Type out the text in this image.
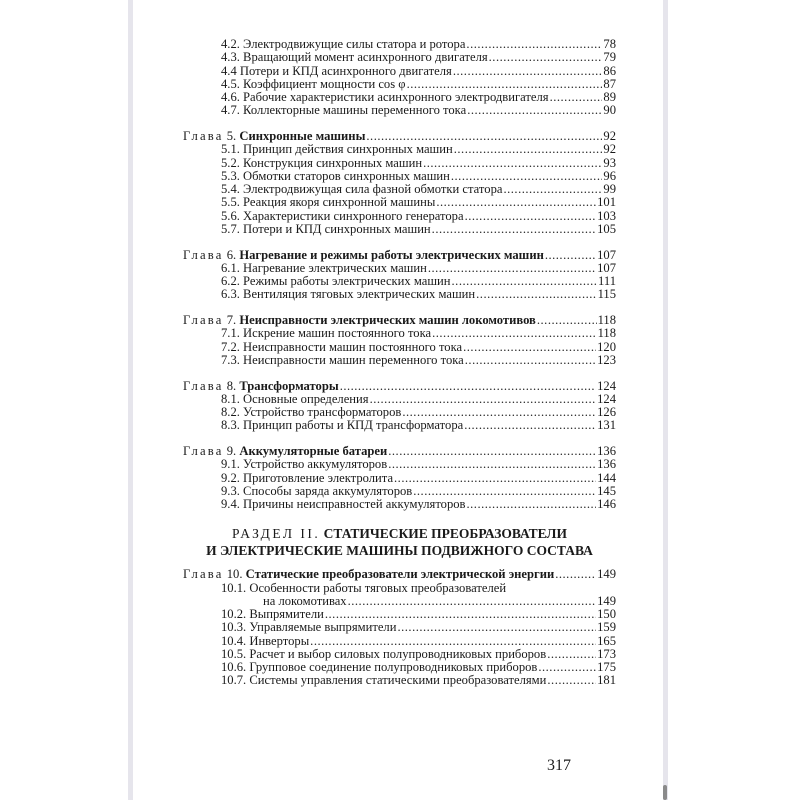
4.2. Электродвижущие силы статора и ротора .....	78
4.3. Вращающий момент асинхронного двигателя .....	79
4.4 Потери и КПД асинхронного двигателя .....	86
4.5. Коэффициент мощности cos φ .....	87
4.6. Рабочие характеристики асинхронного электродвигателя .....	89
4.7. Коллекторные машины переменного тока .....	90
Глава 5. Синхронные машины .....	92
5.1. Принцип действия синхронных машин .....	92
5.2. Конструкция синхронных машин .....	93
5.3. Обмотки статоров синхронных машин .....	96
5.4. Электродвижущая сила фазной обмотки статора .....	99
5.5. Реакция якоря синхронной машины .....	101
5.6. Характеристики синхронного генератора .....	103
5.7. Потери и КПД синхронных машин .....	105
Глава 6. Нагревание и режимы работы электрических машин .....	107
6.1. Нагревание электрических машин .....	107
6.2. Режимы работы электрических машин .....	111
6.3. Вентиляция тяговых электрических машин .....	115
Глава 7. Неисправности электрических машин локомотивов .....	118
7.1. Искрение машин постоянного тока .....	118
7.2. Неисправности машин постоянного тока .....	120
7.3. Неисправности машин переменного тока .....	123
Глава 8. Трансформаторы .....	124
8.1. Основные определения .....	124
8.2. Устройство трансформаторов .....	126
8.3. Принцип работы и КПД трансформатора .....	131
Глава 9. Аккумуляторные батареи .....	136
9.1. Устройство аккумуляторов .....	136
9.2. Приготовление электролита .....	144
9.3. Способы заряда аккумуляторов .....	145
9.4. Причины неисправностей аккумуляторов .....	146
РАЗДЕЛ II. СТАТИЧЕСКИЕ ПРЕОБРАЗОВАТЕЛИ
И ЭЛЕКТРИЧЕСКИЕ МАШИНЫ ПОДВИЖНОГО СОСТАВА
Глава 10. Статические преобразователи электрической энергии .....	149
10.1. Особенности работы тяговых преобразователей
на локомотивах .....	149
10.2. Выпрямители .....	150
10.3. Управляемые выпрямители .....	159
10.4. Инверторы .....	165
10.5. Расчет и выбор силовых полупроводниковых приборов .....	173
10.6. Групповое соединение полупроводниковых приборов .....	175
10.7. Системы управления статическими преобразователями .....	181
317
